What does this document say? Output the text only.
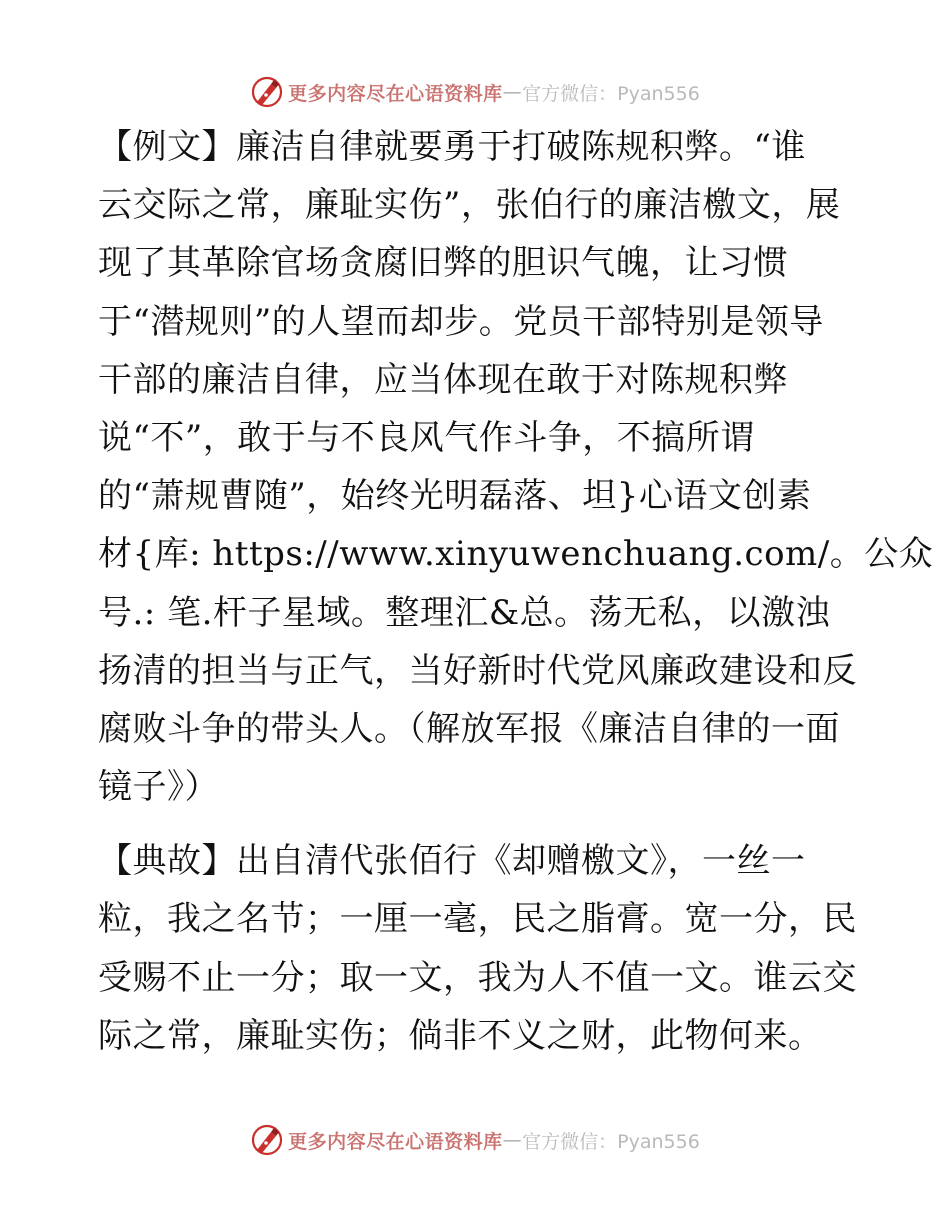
更多内容尽在心语资料库 — 官方微信：Pyan556
【例文】廉洁自律就要勇于打破陈规积弊。“谁
云交际之常，廉耻实伤”，张伯行的廉洁檄文，展
现了其革除官场贪腐旧弊的胆识气魄，让习惯
于“潜规则”的人望而却步。党员干部特别是领导
干部的廉洁自律，应当体现在敢于对陈规积弊
说“不”，敢于与不良风气作斗争，不搞所谓
的“萧规曹随”，始终光明磊落、坦}心语文创素
材{库: https://www.xinyuwenchuang.com/。公众
号.: 笔.杆子星域。整理汇&总。荡无私，以激浊
扬清的担当与正气，当好新时代党风廉政建设和反
腐败斗争的带头人。（解放军报《廉洁自律的一面
镜子》）
【典故】出自清代张佰行《却赠檄文》，一丝一
粒，我之名节；一厘一毫，民之脂膏。宽一分，民
受赐不止一分；取一文，我为人不值一文。谁云交
际之常，廉耻实伤；倘非不义之财，此物何来。
更多内容尽在心语资料库 — 官方微信：Pyan556
